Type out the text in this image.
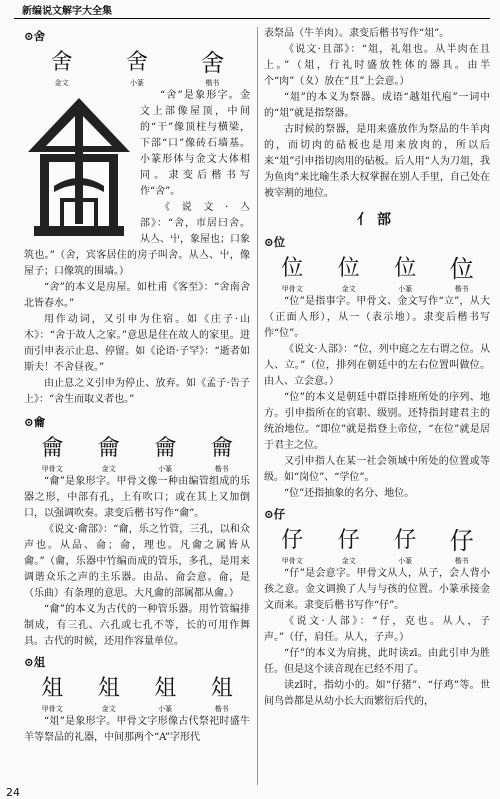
新编说文解字大全集
⊙舍
舍
金文
舍
小篆
舍
楷书

“舍”是象形字。金文上部像屋顶，中间的“干”像顶柱与横梁，下部“口”像砖石墙基。小篆形体与金文大体相同。隶变后楷书写作“舍”。

《说文·亼部》：“舍，市居曰舍。从亼、屮，象屋也；口象筑也。”（舍，宾客居住的房子叫舍。从亼、屮，像屋子；口像筑的围墙。）

“舍”的本义是房屋。如杜甫《客至》：“舍南舍北皆春水。”

用作动词，又引申为住宿。如《庄子·山木》：“舍于故人之家。”意思是住在故人的家里。进而引申表示止息、停留。如《论语·子罕》：“逝者如斯夫！不舍昼夜。”

由止息之义引申为停止、放弃。如《孟子·告子上》：“舍生而取义者也。”

⊙龠
龠
甲骨文
龠
金文
龠
小篆
龠
楷书

“龠”是象形字。甲骨文像一种由编管组成的乐器之形，中部有孔，上有吹口；或在其上又加倒口，以强调吹奏。隶变后楷书写作“龠”。

《说文·龠部》：“龠，乐之竹管，三孔，以和众声也。从品、侖；侖，理也。凡龠之属皆从龠。”（龠，乐器中竹编而成的管乐，多孔，是用来调谐众乐之声的主乐器。由品、侖会意。侖，是（乐曲）有条理的意思。大凡龠的部属都从龠。）

“龠”的本义为古代的一种管乐器。用竹管编排制成，有三孔、六孔或七孔不等，长的可用作舞具。古代的时候，还用作容量单位。

⊙俎
俎
甲骨文
俎
金文
俎
小篆
俎
楷书

“俎”是象形字。甲骨文字形像古代祭祀时盛牛羊等祭品的礼器，中间那两个“A”字形代

表祭品（牛羊肉）。隶变后楷书写作“俎”。

《说文·且部》：“俎，礼俎也。从半肉在且上。”（俎，行礼时盛放牲体的器具。由半个“肉”（夊）放在“且”上会意。）

“俎”的本义为祭器。成语“越俎代庖”一词中的“俎”就是指祭器。

古时候的祭器，是用来盛放作为祭品的牛羊肉的，而切肉的砧板也是用来放肉的，所以后来“俎”引申指切肉用的砧板。后人用“人为刀俎，我为鱼肉”来比喻生杀大权掌握在别人手里，自己处在被宰割的地位。

亻部
⊙位
位
甲骨文
位
金文
位
小篆
位
楷书

“位”是指事字。甲骨文、金文写作“立”，从大（正面人形），从一（表示地）。隶变后楷书写作“位”。

《说文·人部》：“位，列中庭之左右谓之位。从人、立。”（位，排列在朝廷中的左右位置叫做位。由人、立会意。）

“位”的本义是朝廷中群臣排班所处的序列、地方。引申指所在的官职、级别。还特指封建君主的统治地位。“即位”就是指登上帝位，“在位”就是居于君主之位。

又引申指人在某一社会领域中所处的位置或等级。如“岗位”、“学位”。

“位”还指抽象的名分、地位。

⊙仔
仔
甲骨文
仔
金文
仔
小篆
仔
楷书

“仔”是会意字。甲骨文从人，从子，会人背小孩之意。金文调换了人与与孩的位置。小篆承接金文而来。隶变后楷书写作“仔”。

《说文·人部》：“仔，克也。从人，子声。”（仔，肩任。从人，子声。）

“仔”的本义为肩挑，此时读zī。由此引申为胜任。但是这个读音现在已经不用了。

读zǐ时，指幼小的。如“仔猪”、“仔鸡”等。世间鸟兽都是从幼小长大而繁衍后代的，

24
